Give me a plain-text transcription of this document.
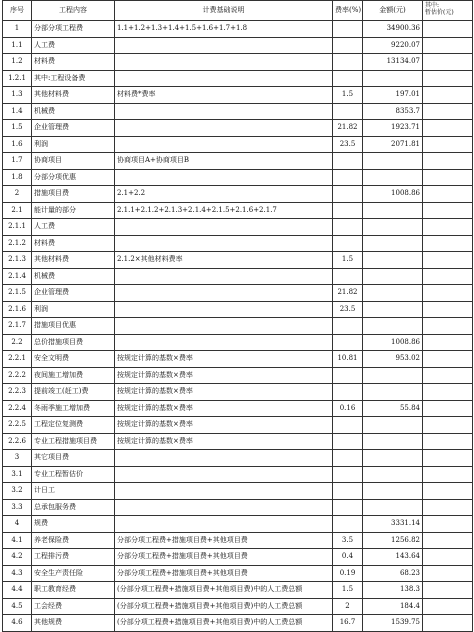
序号	工程内容	计费基础说明	费率(%)	金额(元)	其中:
暂估价(元)
1	分部分项工程费	1.1+1.2+1.3+1.4+1.5+1.6+1.7+1.8		34900.36	
1.1	人工费			9220.07	
1.2	材料费			13134.07	
1.2.1	其中:工程设备费				
1.3	其他材料费	材料费*费率	1.5	197.01	
1.4	机械费			8353.7	
1.5	企业管理费		21.82	1923.71	
1.6	利润		23.5	2071.81	
1.7	协商项目	协商项目A+协商项目B			
1.8	分部分项优惠				
2	措施项目费	2.1+2.2		1008.86	
2.1	能计量的部分	2.1.1+2.1.2+2.1.3+2.1.4+2.1.5+2.1.6+2.1.7			
2.1.1	人工费				
2.1.2	材料费				
2.1.3	其他材料费	2.1.2×其他材料费率	1.5		
2.1.4	机械费				
2.1.5	企业管理费		21.82		
2.1.6	利润		23.5		
2.1.7	措施项目优惠				
2.2	总价措施项目费			1008.86	
2.2.1	安全文明费	按规定计算的基数×费率	10.81	953.02	
2.2.2	夜间施工增加费	按规定计算的基数×费率			
2.2.3	提前竣工(赶工)费	按规定计算的基数×费率			
2.2.4	冬雨季施工增加费	按规定计算的基数×费率	0.16	55.84	
2.2.5	工程定位复测费	按规定计算的基数×费率			
2.2.6	专业工程措施项目费	按规定计算的基数×费率			
3	其它项目费				
3.1	专业工程暂估价				
3.2	计日工				
3.3	总承包服务费				
4	规费			3331.14	
4.1	养老保险费	分部分项工程费+措施项目费+其他项目费	3.5	1256.82	
4.2	工程排污费	分部分项工程费+措施项目费+其他项目费	0.4	143.64	
4.3	安全生产责任险	分部分项工程费+措施项目费+其他项目费	0.19	68.23	
4.4	职工教育经费	(分部分项工程费+措施项目费+其他项目费)中的人工费总额	1.5	138.3	
4.5	工会经费	(分部分项工程费+措施项目费+其他项目费)中的人工费总额	2	184.4	
4.6	其他规费	(分部分项工程费+措施项目费+其他项目费)中的人工费总额	16.7	1539.75	
